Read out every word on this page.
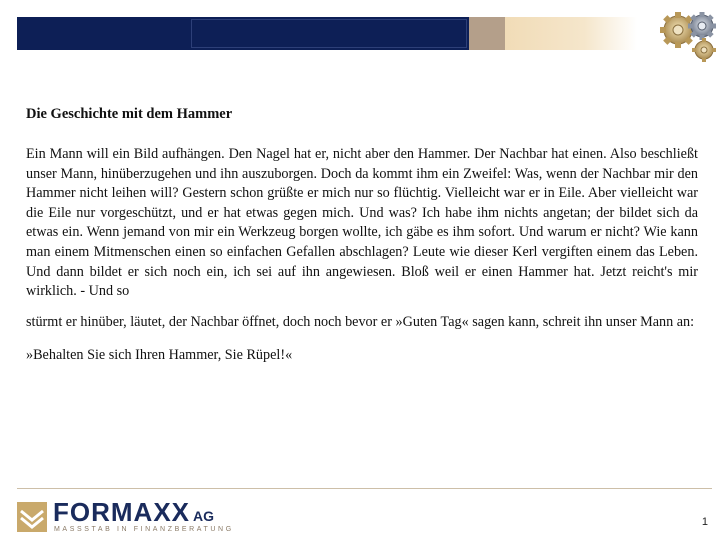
Die Geschichte mit dem Hammer

Ein Mann will ein Bild aufhängen. Den Nagel hat er, nicht aber den Hammer. Der Nachbar hat einen. Also beschließt unser Mann, hinüberzugehen und ihn auszuborgen. Doch da kommt ihm ein Zweifel: Was, wenn der Nachbar mir den Hammer nicht leihen will? Gestern schon grüßte er mich nur so flüchtig. Vielleicht war er in Eile. Aber vielleicht war die Eile nur vorgeschützt, und er hat etwas gegen mich. Und was? Ich habe ihm nichts angetan; der bildet sich da etwas ein. Wenn jemand von mir ein Werkzeug borgen wollte, ich gäbe es ihm sofort. Und warum er nicht? Wie kann man einem Mitmenschen einen so einfachen Gefallen abschlagen? Leute wie dieser Kerl vergiften einem das Leben. Und dann bildet er sich noch ein, ich sei auf ihn angewiesen. Bloß weil er einen Hammer hat. Jetzt reicht's mir wirklich. - Und so

stürmt er hinüber, läutet, der Nachbar öffnet, doch noch bevor er »Guten Tag« sagen kann, schreit ihn unser Mann an:

»Behalten Sie sich Ihren Hammer, Sie Rüpel!«

FORMAXX AG
MASSSTAB IN FINANZBERATUNG
1
